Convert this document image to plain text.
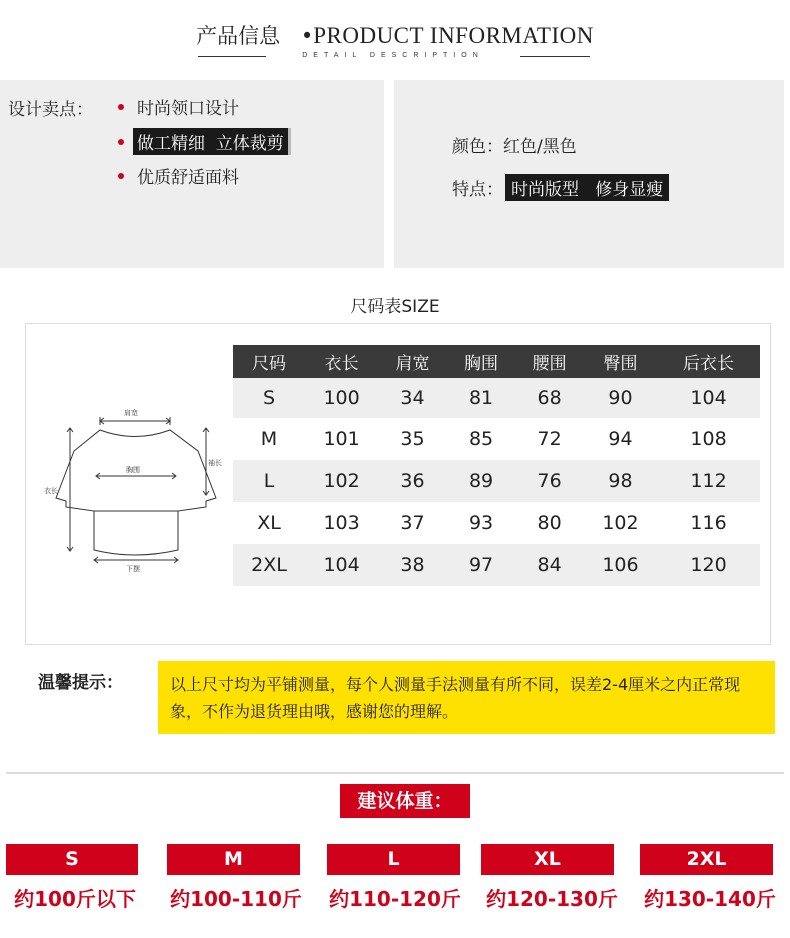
产品信息 •PRODUCT INFORMATION
DETAIL DESCRIPTION
设计卖点：	时尚领口设计
做工精细  立体裁剪
优质舒适面料
颜色： 红色/黑色
特点： 时尚版型   修身显瘦
尺码表SIZE
肩宽
胸围
袖长
衣长
下摆
尺码	衣长	肩宽	胸围	腰围	臀围	后衣长
S	100	34	81	68	90	104
M	101	35	85	72	94	108
L	102	36	89	76	98	112
XL	103	37	93	80	102	116
2XL	104	38	97	84	106	120
温馨提示：	以上尺寸均为平铺测量，每个人测量手法测量有所不同，误差2-4厘米之内正常现象，不作为退货理由哦，感谢您的理解。
建议体重：
S	M	L	XL	2XL
约100斤以下	约100-110斤	约110-120斤	约120-130斤	约130-140斤
